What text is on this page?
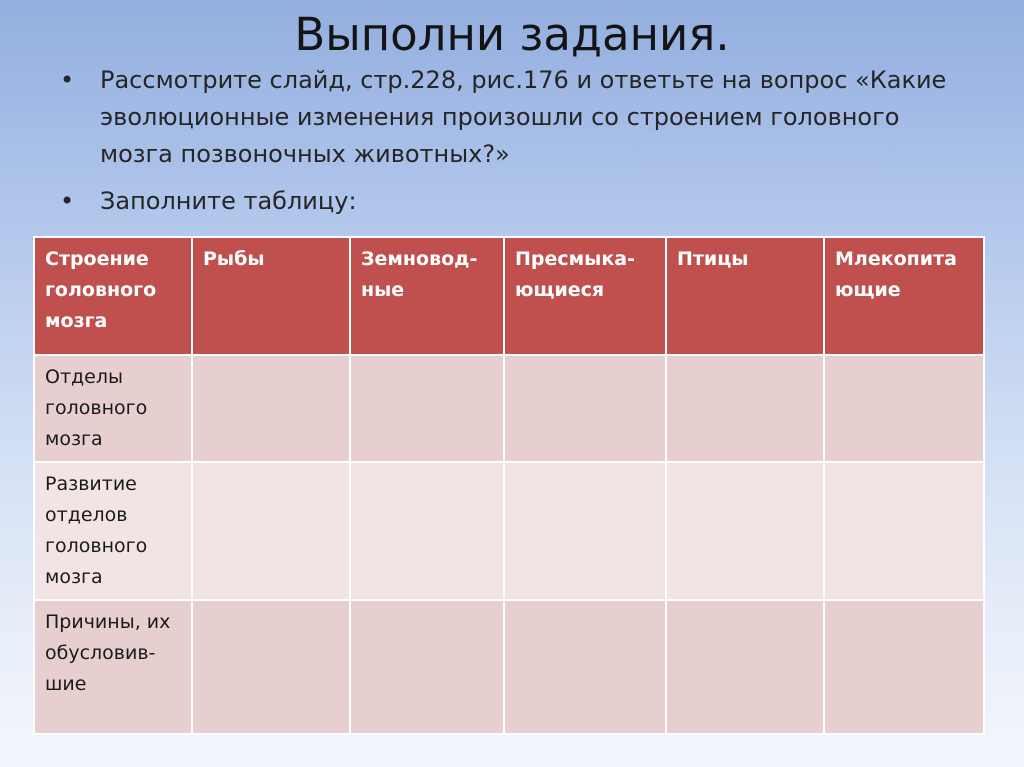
Выполни задания.
• Рассмотрите слайд, стр.228, рис.176 и ответьте на вопрос «Какие эволюционные изменения произошли со строением головного мозга позвоночных животных?»
• Заполните таблицу:
Строение головного мозга	Рыбы	Земновод-ные	Пресмыка-ющиеся	Птицы	Млекопита ющие
Отделы головного мозга					
Развитие отделов головного мозга					
Причины, их обусловив-шие					
